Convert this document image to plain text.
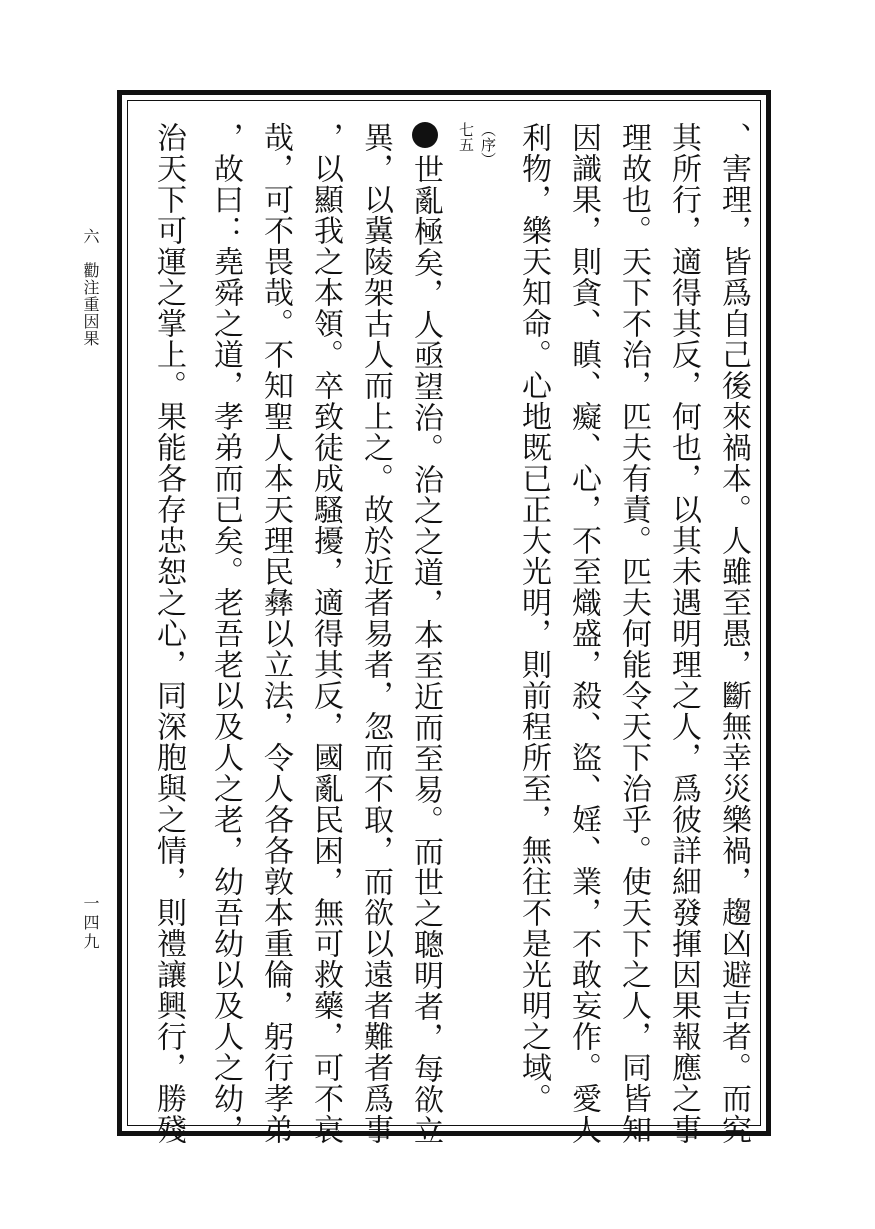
六
勸注重因果
一四九	、害理，皆爲自己後來禍本。人雖至愚，斷無幸災樂禍，趨凶避吉者。而究
其所行，適得其反，何也，以其未遇明理之人，爲彼詳細發揮因果報應之事
理故也。天下不治，匹夫有責。匹夫何能令天下治乎。使天下之人，同皆知
因識果，則貪、瞋、癡、心，不至熾盛，殺、盜、婬、業，不敢妄作。愛人
利物，樂天知命。心地既已正大光明，則前程所至，無往不是光明之域。
（序）
七五
世亂極矣，人亟望治。治之之道，本至近而至易。而世之聰明者，每欲立
異，以冀陵架古人而上之。故於近者易者，忽而不取，而欲以遠者難者爲事
，以顯我之本領。卒致徒成騷擾，適得其反，國亂民困，無可救藥，可不哀
哉，可不畏哉。不知聖人本天理民彝以立法，令人各各敦本重倫，躬行孝弟
，故曰：堯舜之道，孝弟而已矣。老吾老以及人之老，幼吾幼以及人之幼，
治天下可運之掌上。果能各存忠恕之心，同深胞與之情，則禮讓興行，勝殘
